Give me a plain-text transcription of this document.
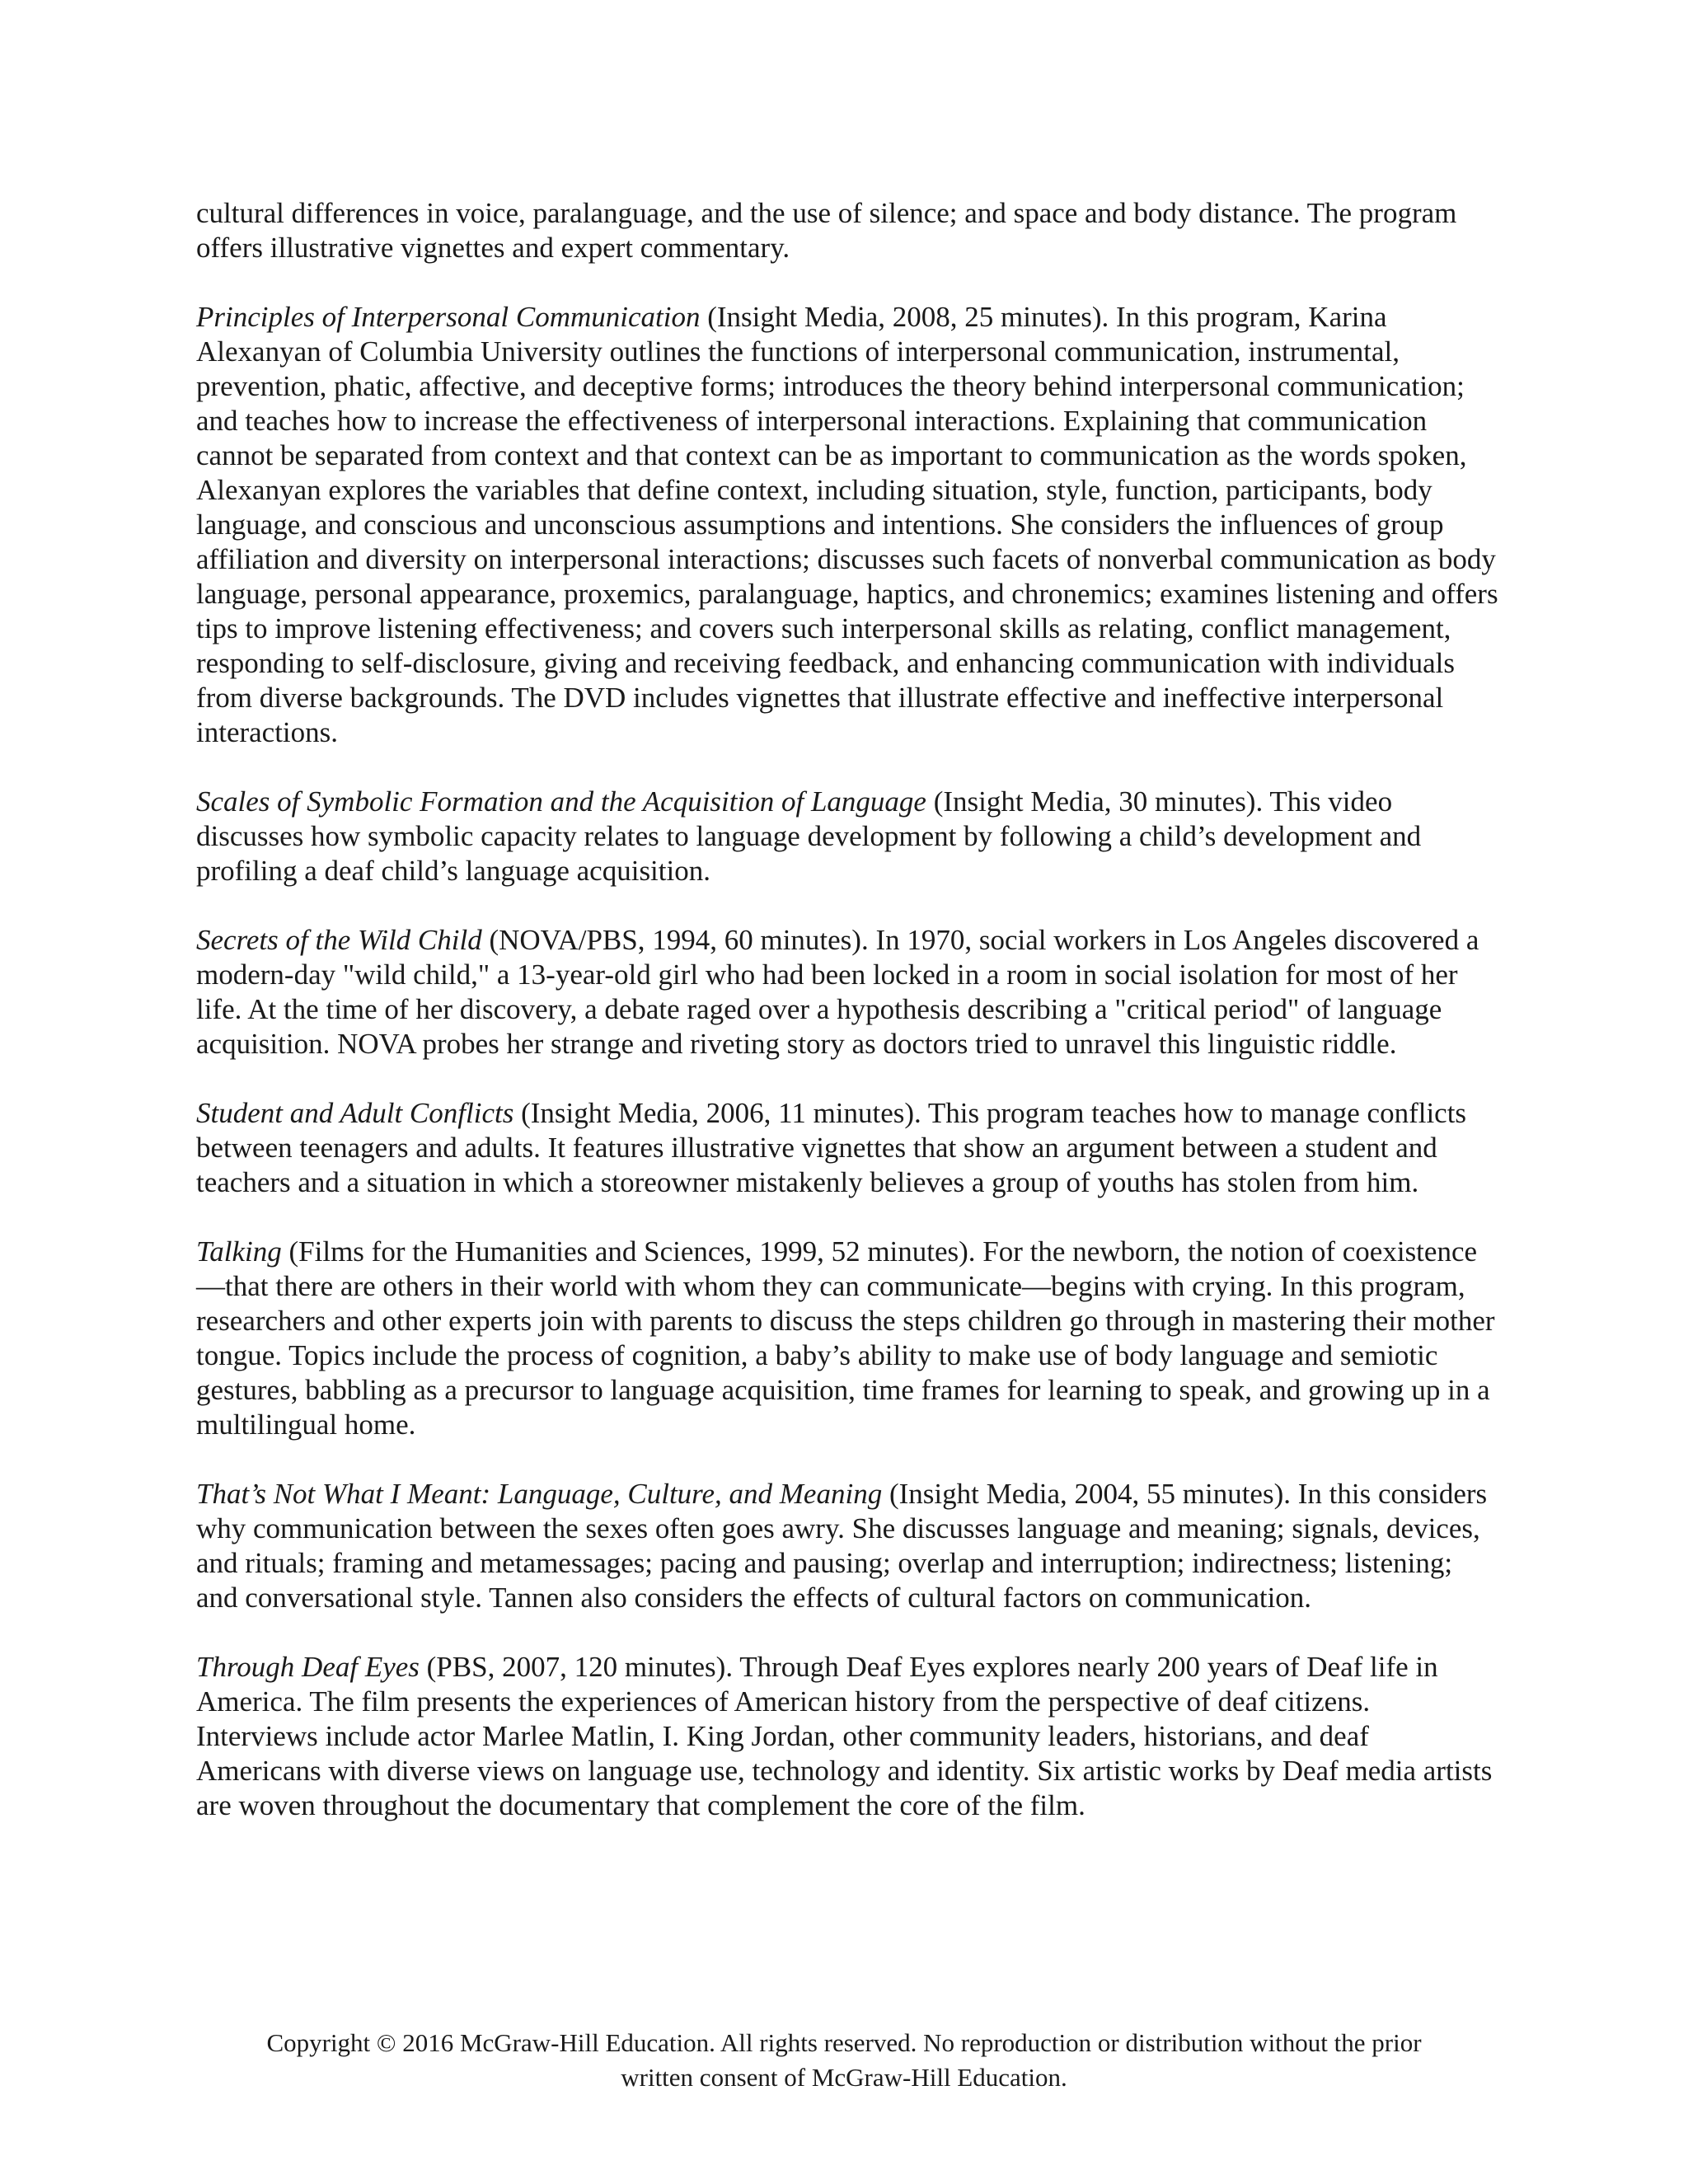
cultural differences in voice, paralanguage, and the use of silence; and space and body distance. The program offers illustrative vignettes and expert commentary.

Principles of Interpersonal Communication (Insight Media, 2008, 25 minutes). In this program, Karina Alexanyan of Columbia University outlines the functions of interpersonal communication, instrumental, prevention, phatic, affective, and deceptive forms; introduces the theory behind interpersonal communication; and teaches how to increase the effectiveness of interpersonal interactions. Explaining that communication cannot be separated from context and that context can be as important to communication as the words spoken, Alexanyan explores the variables that define context, including situation, style, function, participants, body language, and conscious and unconscious assumptions and intentions. She considers the influences of group affiliation and diversity on interpersonal interactions; discusses such facets of nonverbal communication as body language, personal appearance, proxemics, paralanguage, haptics, and chronemics; examines listening and offers tips to improve listening effectiveness; and covers such interpersonal skills as relating, conflict management, responding to self-disclosure, giving and receiving feedback, and enhancing communication with individuals from diverse backgrounds. The DVD includes vignettes that illustrate effective and ineffective interpersonal interactions.

Scales of Symbolic Formation and the Acquisition of Language (Insight Media, 30 minutes). This video discusses how symbolic capacity relates to language development by following a child’s development and profiling a deaf child’s language acquisition.

Secrets of the Wild Child (NOVA/PBS, 1994, 60 minutes). In 1970, social workers in Los Angeles discovered a modern-day "wild child," a 13-year-old girl who had been locked in a room in social isolation for most of her life. At the time of her discovery, a debate raged over a hypothesis describing a "critical period" of language acquisition. NOVA probes her strange and riveting story as doctors tried to unravel this linguistic riddle.

Student and Adult Conflicts (Insight Media, 2006, 11 minutes). This program teaches how to manage conflicts between teenagers and adults. It features illustrative vignettes that show an argument between a student and teachers and a situation in which a storeowner mistakenly believes a group of youths has stolen from him.

Talking (Films for the Humanities and Sciences, 1999, 52 minutes). For the newborn, the notion of coexistence—that there are others in their world with whom they can communicate—begins with crying. In this program, researchers and other experts join with parents to discuss the steps children go through in mastering their mother tongue. Topics include the process of cognition, a baby’s ability to make use of body language and semiotic gestures, babbling as a precursor to language acquisition, time frames for learning to speak, and growing up in a multilingual home.

That’s Not What I Meant: Language, Culture, and Meaning (Insight Media, 2004, 55 minutes). In this considers why communication between the sexes often goes awry. She discusses language and meaning; signals, devices, and rituals; framing and metamessages; pacing and pausing; overlap and interruption; indirectness; listening; and conversational style. Tannen also considers the effects of cultural factors on communication.

Through Deaf Eyes (PBS, 2007, 120 minutes). Through Deaf Eyes explores nearly 200 years of Deaf life in America. The film presents the experiences of American history from the perspective of deaf citizens. Interviews include actor Marlee Matlin, I. King Jordan, other community leaders, historians, and deaf Americans with diverse views on language use, technology and identity. Six artistic works by Deaf media artists are woven throughout the documentary that complement the core of the film.

Copyright © 2016 McGraw-Hill Education. All rights reserved. No reproduction or distribution without the prior
written consent of McGraw-Hill Education.
